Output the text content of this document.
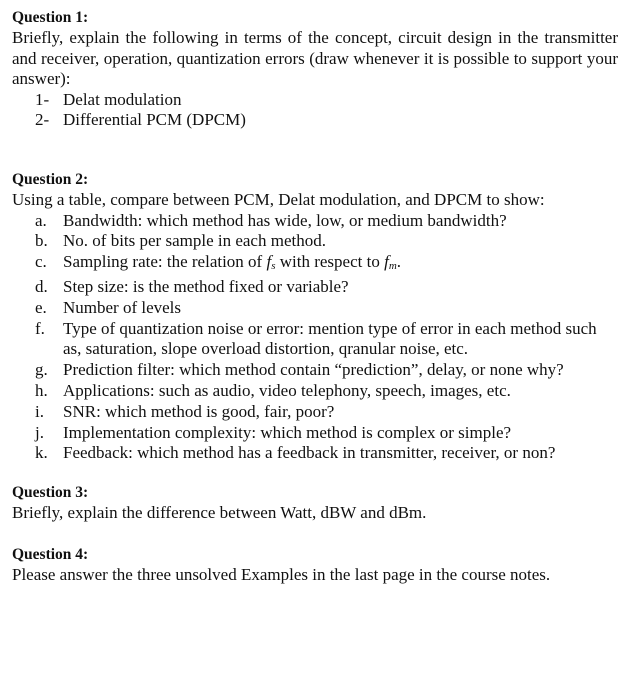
Question 1:

Briefly, explain the following in terms of the concept, circuit design in the transmitter and receiver, operation, quantization errors (draw whenever it is possible to support your answer):

1- Delat modulation
2- Differential PCM (DPCM)

Question 2:

Using a table, compare between PCM, Delat modulation, and DPCM to show:

a. Bandwidth: which method has wide, low, or medium bandwidth?
b. No. of bits per sample in each method.
c. Sampling rate: the relation of fs with respect to fm.
d. Step size: is the method fixed or variable?
e. Number of levels
f. Type of quantization noise or error: mention type of error in each method such as, saturation, slope overload distortion, qranular noise, etc.
g. Prediction filter: which method contain “prediction”, delay, or none why?
h. Applications: such as audio, video telephony, speech, images, etc.
i. SNR: which method is good, fair, poor?
j. Implementation complexity: which method is complex or simple?
k. Feedback: which method has a feedback in transmitter, receiver, or non?

Question 3:

Briefly, explain the difference between Watt, dBW and dBm.

Question 4:

Please answer the three unsolved Examples in the last page in the course notes.
